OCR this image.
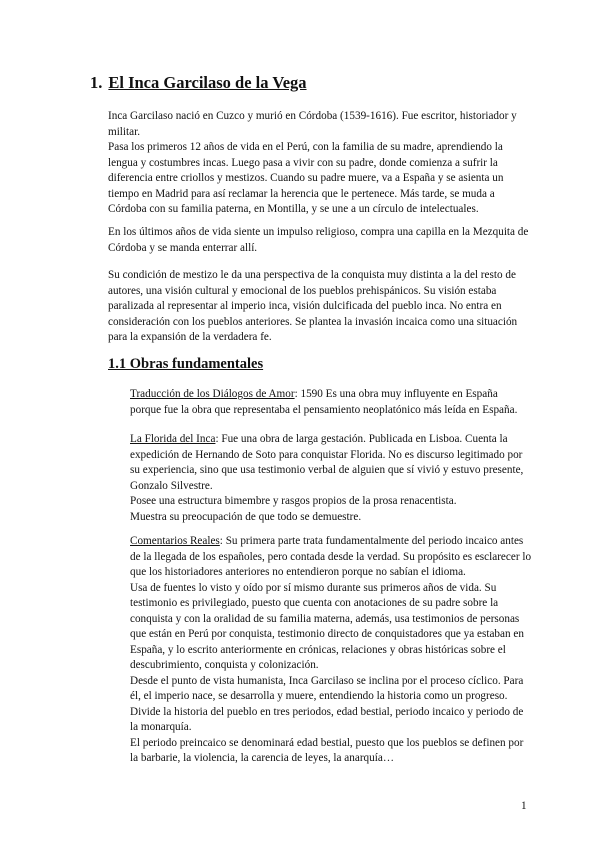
1. El Inca Garcilaso de la Vega

Inca Garcilaso nació en Cuzco y murió en Córdoba (1539-1616). Fue escritor, historiador y
militar.
Pasa los primeros 12 años de vida en el Perú, con la familia de su madre, aprendiendo la
lengua y costumbres incas. Luego pasa a vivir con su padre, donde comienza a sufrir la
diferencia entre criollos y mestizos. Cuando su padre muere, va a España y se asienta un
tiempo en Madrid para así reclamar la herencia que le pertenece. Más tarde, se muda a
Córdoba con su familia paterna, en Montilla, y se une a un círculo de intelectuales.

En los últimos años de vida siente un impulso religioso, compra una capilla en la Mezquita de
Córdoba y se manda enterrar allí.

Su condición de mestizo le da una perspectiva de la conquista muy distinta a la del resto de
autores, una visión cultural y emocional de los pueblos prehispánicos. Su visión estaba
paralizada al representar al imperio inca, visión dulcificada del pueblo inca. No entra en
consideración con los pueblos anteriores. Se plantea la invasión incaica como una situación
para la expansión de la verdadera fe.

1.1 Obras fundamentales

Traducción de los Diálogos de Amor: 1590 Es una obra muy influyente en España
porque fue la obra que representaba el pensamiento neoplatónico más leída en España.

La Florida del Inca: Fue una obra de larga gestación. Publicada en Lisboa. Cuenta la
expedición de Hernando de Soto para conquistar Florida. No es discurso legitimado por
su experiencia, sino que usa testimonio verbal de alguien que sí vivió y estuvo presente,
Gonzalo Silvestre.
Posee una estructura bimembre y rasgos propios de la prosa renacentista.
Muestra su preocupación de que todo se demuestre.

Comentarios Reales: Su primera parte trata fundamentalmente del periodo incaico antes
de la llegada de los españoles, pero contada desde la verdad. Su propósito es esclarecer lo
que los historiadores anteriores no entendieron porque no sabían el idioma.
Usa de fuentes lo visto y oído por sí mismo durante sus primeros años de vida. Su
testimonio es privilegiado, puesto que cuenta con anotaciones de su padre sobre la
conquista y con la oralidad de su familia materna, además, usa testimonios de personas
que están en Perú por conquista, testimonio directo de conquistadores que ya estaban en
España, y lo escrito anteriormente en crónicas, relaciones y obras históricas sobre el
descubrimiento, conquista y colonización.
Desde el punto de vista humanista, Inca Garcilaso se inclina por el proceso cíclico. Para
él, el imperio nace, se desarrolla y muere, entendiendo la historia como un progreso.
Divide la historia del pueblo en tres periodos, edad bestial, periodo incaico y periodo de
la monarquía.
El periodo preincaico se denominará edad bestial, puesto que los pueblos se definen por
la barbarie, la violencia, la carencia de leyes, la anarquía…

1
